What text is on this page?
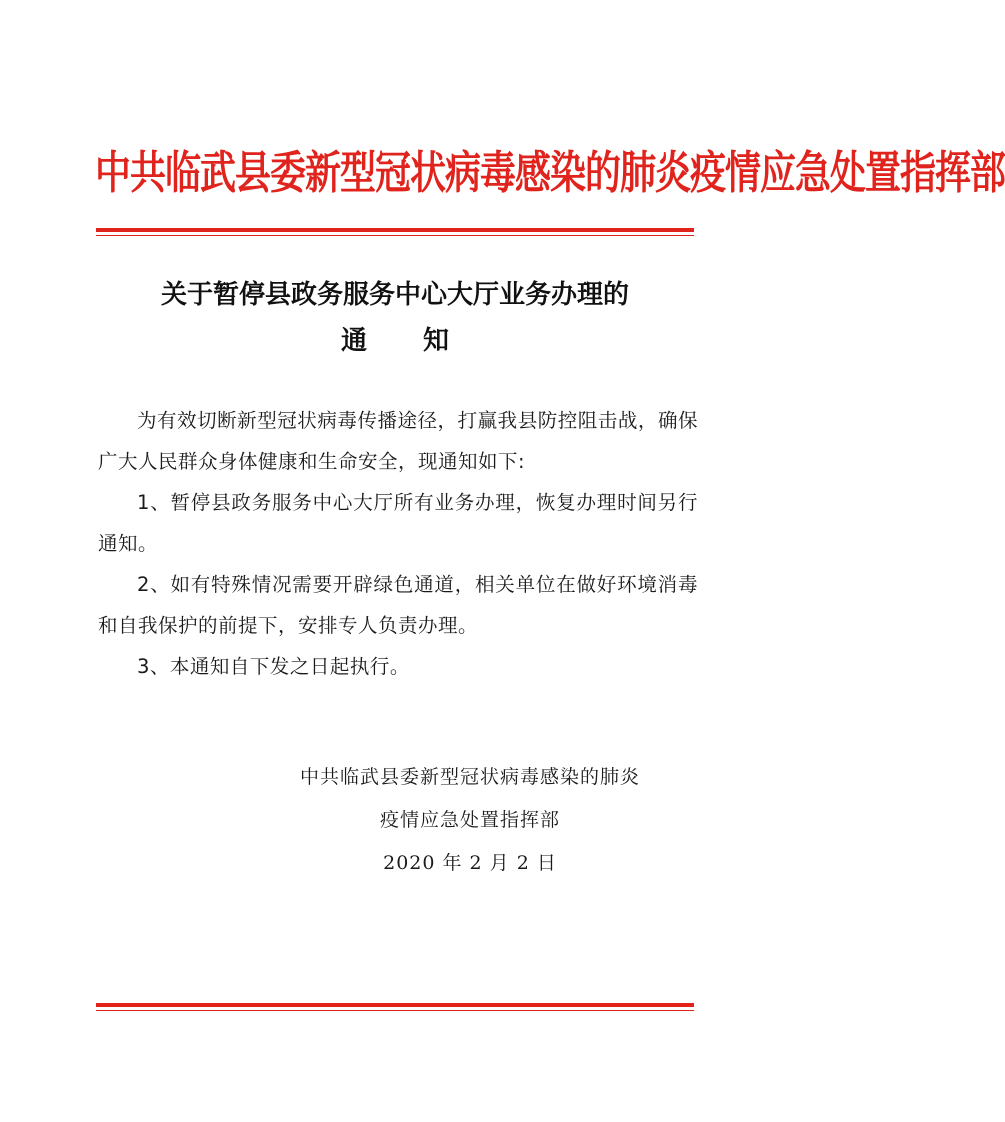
中共临武县委新型冠状病毒感染的肺炎疫情应急处置指挥部
关于暂停县政务服务中心大厅业务办理的
通知

为有效切断新型冠状病毒传播途径，打赢我县防控阻击战，确保广大人民群众身体健康和生命安全，现通知如下:

1、暂停县政务服务中心大厅所有业务办理，恢复办理时间另行通知。

2、如有特殊情况需要开辟绿色通道，相关单位在做好环境消毒和自我保护的前提下，安排专人负责办理。

3、本通知自下发之日起执行。

中共临武县委新型冠状病毒感染的肺炎
疫情应急处置指挥部
2020 年 2 月 2 日
